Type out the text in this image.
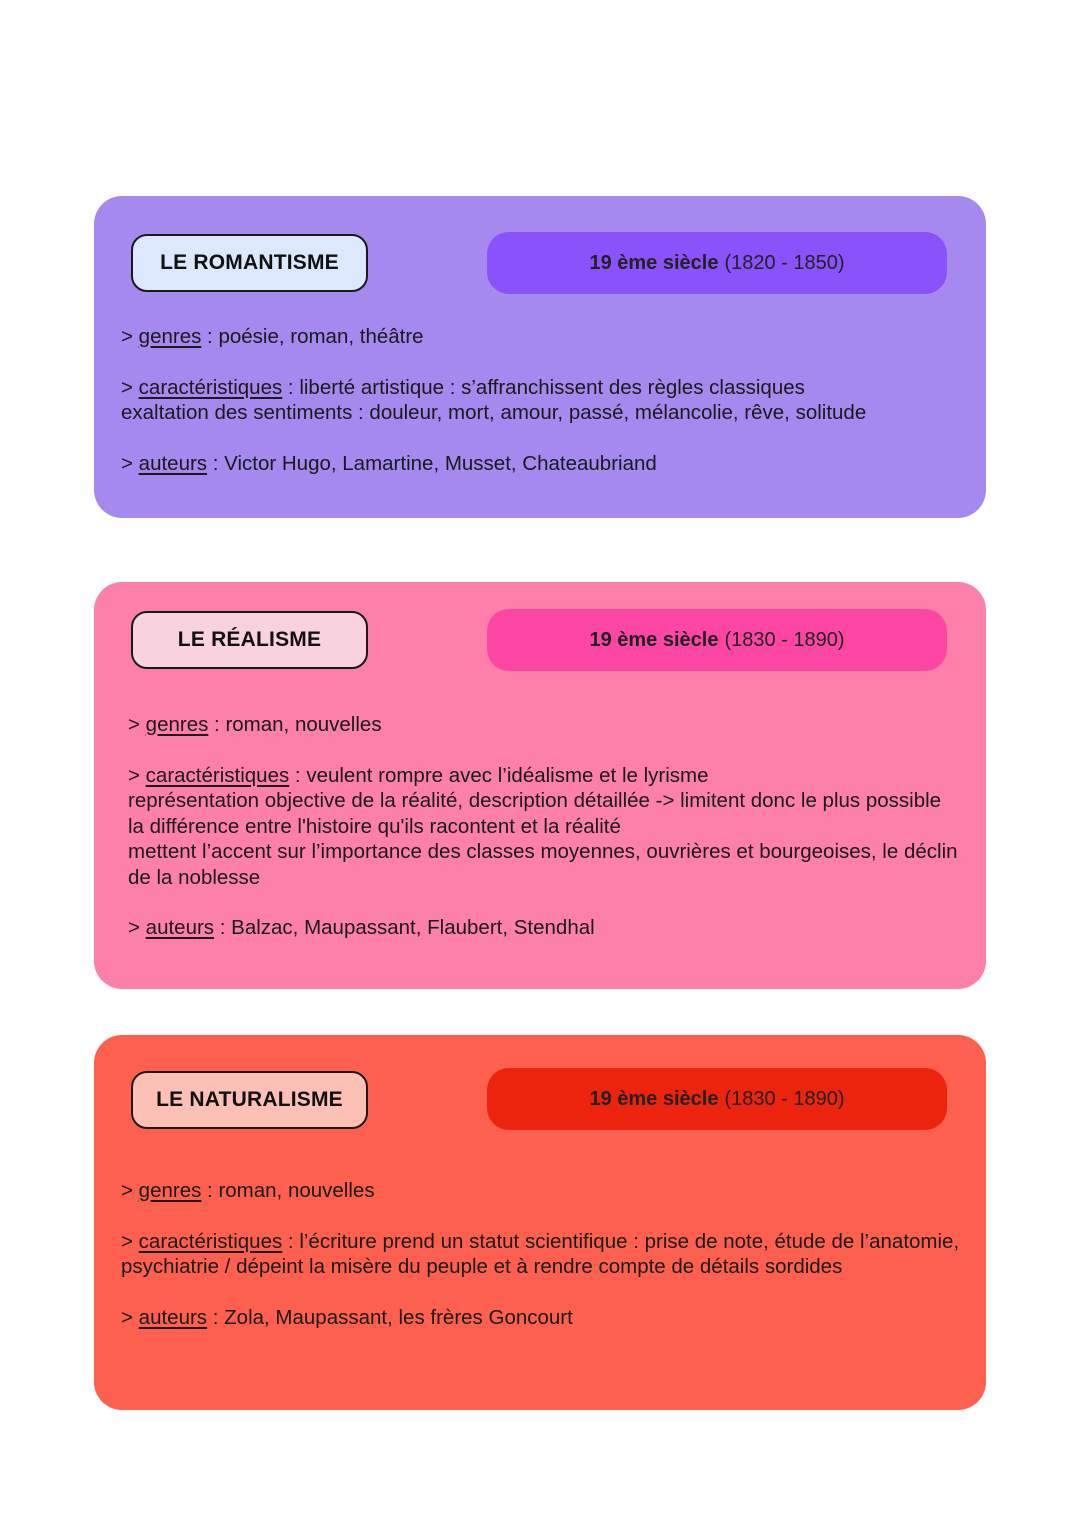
LE ROMANTISME	19 ème siècle (1820 - 1850)

> genres : poésie, roman, théâtre

> caractéristiques : liberté artistique : s’affranchissent des règles classiques
exaltation des sentiments : douleur, mort, amour, passé, mélancolie, rêve, solitude

> auteurs : Victor Hugo, Lamartine, Musset, Chateaubriand

LE RÉALISME	19 ème siècle (1830 - 1890)

> genres : roman, nouvelles

> caractéristiques : veulent rompre avec l’idéalisme et le lyrisme
représentation objective de la réalité, description détaillée -> limitent donc le plus possible la différence entre l'histoire qu'ils racontent et la réalité
mettent l’accent sur l’importance des classes moyennes, ouvrières et bourgeoises, le déclin de la noblesse

> auteurs : Balzac, Maupassant, Flaubert, Stendhal

LE NATURALISME	19 ème siècle (1830 - 1890)

> genres : roman, nouvelles

> caractéristiques : l’écriture prend un statut scientifique : prise de note, étude de l’anatomie, psychiatrie / dépeint la misère du peuple et à rendre compte de détails sordides

> auteurs : Zola, Maupassant, les frères Goncourt
